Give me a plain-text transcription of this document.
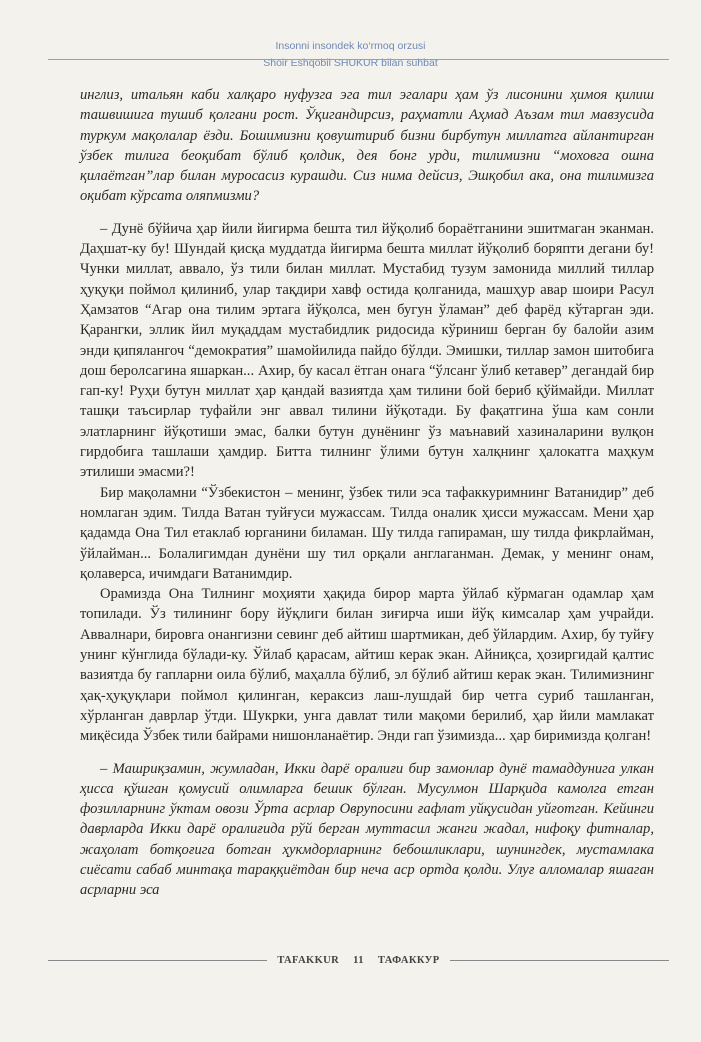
Insonni insondek ko‘rmoq orzusi
Shoir Eshqobil SHUKUR bilan suhbat

инглиз, итальян каби халқаро нуфузга эга тил эгалари ҳам ўз лисонини ҳимоя қилиш ташвишига тушиб қолгани рост. Ўқигандирсиз, раҳматли Аҳмад Аъзам тил мавзусида туркум мақолалар ёзди. Бошимизни қовуштириб бизни бирбутун миллатга айлантирган ўзбек тилига беоқибат бўлиб қолдик, дея бонг урди, тилимизни “моховга ошна қилаётган”лар билан муросасиз курашди. Сиз нима дейсиз, Эшқобил ака, она тилимизга оқибат кўрсата оляпмизми?

– Дунё бўйича ҳар йили йигирма бешта тил йўқолиб бораётганини эшитмаган эканман. Даҳшат-ку бу! Шундай қисқа муддатда йигирма бешта миллат йўқолиб боряпти дегани бу! Чунки миллат, аввало, ўз тили билан миллат. Мустабид тузум замонида миллий тиллар ҳуқуқи поймол қилиниб, улар тақдири хавф остида қолганида, машҳур авар шоири Расул Ҳамзатов “Агар она тилим эртага йўқолса, мен бугун ўламан” деб фарёд кўтарган эди. Қарангки, эллик йил муқаддам мустабидлик ридосида кўриниш берган бу балойи азим энди қипялангоч “демократия” шамойилида пайдо бўлди. Эмишки, тиллар замон шитобига дош беролсагина яшаркан... Ахир, бу касал ётган онага “ўлсанг ўлиб кетавер” дегандай бир гап-ку! Руҳи бутун миллат ҳар қандай вазиятда ҳам тилини бой бериб қўймайди. Миллат ташқи таъсирлар туфайли энг аввал тилини йўқотади. Бу фақатгина ўша кам сонли элатларнинг йўқотиши эмас, балки бутун дунёнинг ўз маънавий хазиналарини вулқон гирдобига ташлаши ҳамдир. Битта тилнинг ўлими бутун халқнинг ҳалокатга маҳкум этилиши эмасми?!

Бир мақоламни “Ўзбекистон – менинг, ўзбек тили эса тафаккуримнинг Ватанидир” деб номлаган эдим. Тилда Ватан туйғуси мужассам. Тилда оналик ҳисси мужассам. Мени ҳар қадамда Она Тил етаклаб юрганини биламан. Шу тилда гапираман, шу тилда фикрлайман, ўйлайман... Болалигимдан дунёни шу тил орқали англаганман. Демак, у менинг онам, қолаверса, ичимдаги Ватанимдир.

Орамизда Она Тилнинг моҳияти ҳақида бирор марта ўйлаб кўрмаган одамлар ҳам топилади. Ўз тилининг бору йўқлиги билан зиғирча иши йўқ кимсалар ҳам учрайди. Аввалнари, бировга онангизни севинг деб айтиш шартмикан, деб ўйлардим. Ахир, бу туйғу унинг кўнглида бўлади-ку. Ўйлаб қарасам, айтиш керак экан. Айниқса, ҳозиргидай қалтис вазиятда бу гапларни оила бўлиб, маҳалла бўлиб, эл бўлиб айтиш керак экан. Тилимизнинг ҳақ-ҳуқуқлари поймол қилинган, кераксиз лаш-лушдай бир четга суриб ташланган, хўрланган даврлар ўтди. Шукрки, унга давлат тили мақоми берилиб, ҳар йили мамлакат миқёсида Ўзбек тили байрами нишонланаётир. Энди гап ўзимизда... ҳар биримизда қолган!

– Машриқзамин, жумладан, Икки дарё оралиғи бир замонлар дунё тамаддунига улкан ҳисса қўшган қомусий олимларга бешик бўлган. Мусулмон Шарқида камолга етган фозилларнинг ўктам овози Ўрта асрлар Оврупосини ғафлат уйқусидан уйғотган. Кейинги даврларда Икки дарё оралиғида рўй берган муттасил жанги жадал, нифоқу фитналар, жаҳолат ботқоғига ботган ҳукмдорларнинг бебошликлари, шунингдек, мустамлака сиёсати сабаб минтақа тараққиётдан бир неча аср ортда қолди. Улуғ алломалар яшаган асрларни эса

TAFAKKUR 11 ТАФАККУР
